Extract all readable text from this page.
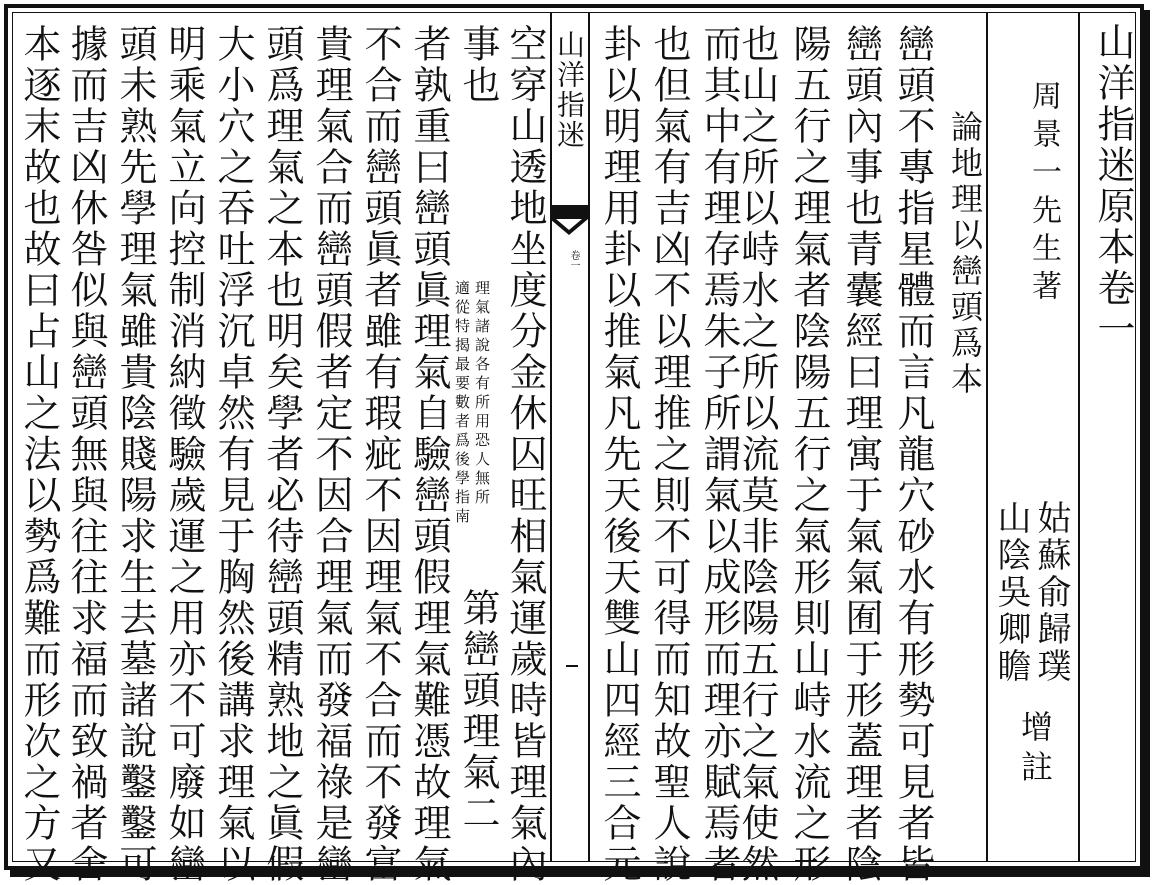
山洋指迷
卷一	山洋指迷原本卷一
周景一先生著
姑蘇俞歸璞
山陰吳卿瞻
增註
論地理以巒頭爲本
巒頭不專指星體而言凡龍穴砂水有形勢可見者皆
巒頭內事也青囊經曰理寓于氣氣囿于形蓋理者陰
陽五行之理氣者陰陽五行之氣形則山峙水流之形
也山之所以峙水之所以流莫非陰陽五行之氣使然
而其中有理存焉朱子所謂氣以成形而理亦賦焉者
也但氣有吉凶不以理推之則不可得而知故聖人說
卦以明理用卦以推氣凡先天後天雙山四經三合元
空穿山透地坐度分金休囚旺相氣運歲時皆理氣內
事也
理氣諸說各有所用恐人無所
適從特揭最要數者爲後學指南
第巒頭理氣二
者孰重曰巒頭眞理氣自驗巒頭假理氣難憑故理氣
不合而巒頭眞者雖有瑕疵不因理氣不合而不發富
貴理氣合而巒頭假者定不因合理氣而發福祿是巒
頭爲理氣之本也明矣學者必待巒頭精熟地之眞假
大小穴之吞吐浮沉卓然有見于胸然後講求理氣以
明乘氣立向控制消納徵驗歲運之用亦不可廢如巒
頭未熟先學理氣雖貴陰賤陽求生去墓諸說鑿鑿可
據而吉凶休咎似與巒頭無與往往求福而致禍者舍
本逐末故也故曰占山之法以勢爲難而形次之方又
